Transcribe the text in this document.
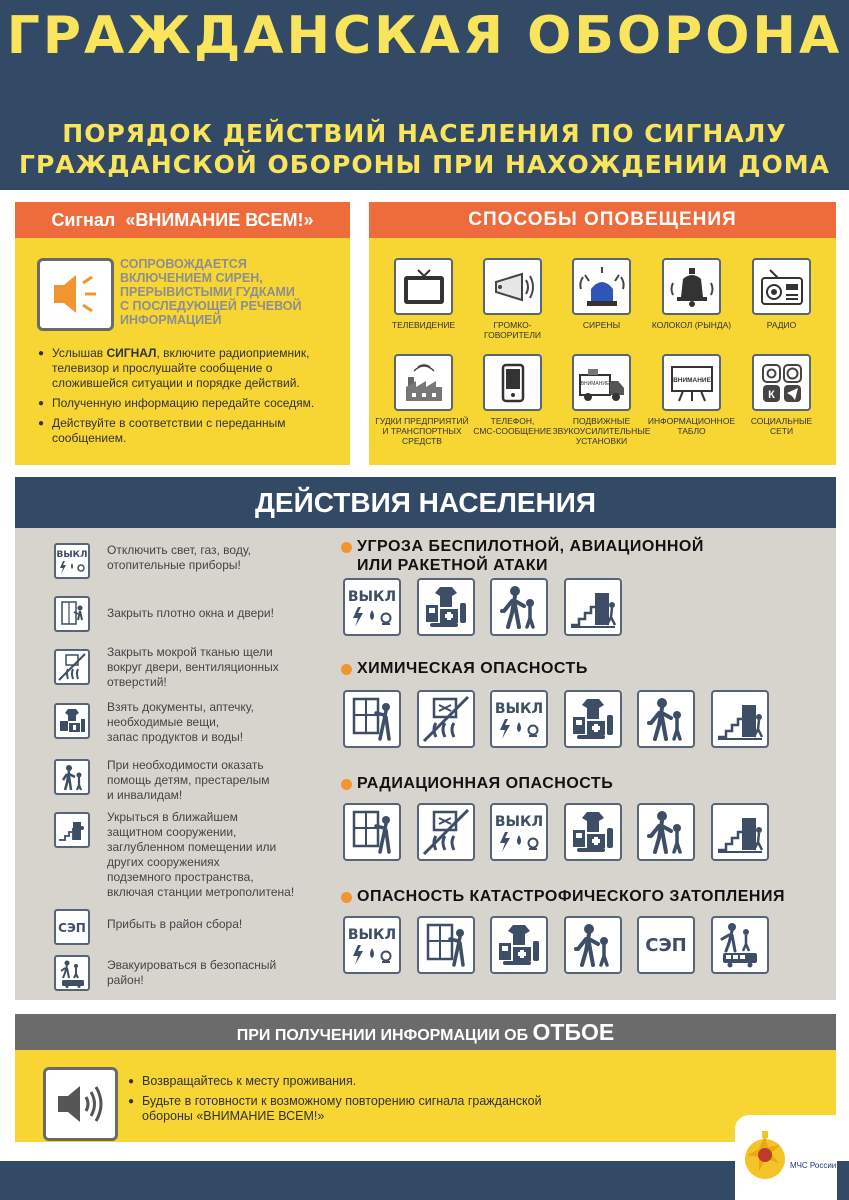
ГРАЖДАНСКАЯ ОБОРОНА
ПОРЯДОК ДЕЙСТВИЙ НАСЕЛЕНИЯ ПО СИГНАЛУ
ГРАЖДАНСКОЙ ОБОРОНЫ ПРИ НАХОЖДЕНИИ ДОМА
Сигнал «ВНИМАНИЕ ВСЕМ!»
СОПРОВОЖДАЕТСЯ
ВКЛЮЧЕНИЕМ СИРЕН,
ПРЕРЫВИСТЫМИ ГУДКАМИ
С ПОСЛЕДУЮЩЕЙ РЕЧЕВОЙ
ИНФОРМАЦИЕЙ
● Услышав СИГНАЛ, включите радиоприемник, телевизор и прослушайте сообщение о сложившейся ситуации и порядке действий.
● Полученную информацию передайте соседям.
● Действуйте в соответствии с переданным сообщением.
СПОСОБЫ ОПОВЕЩЕНИЯ
ТЕЛЕВИДЕНИЕ	ГРОМКО-
ГОВОРИТЕЛИ
СИРЕНЫ	КОЛОКОЛ (РЫНДА)	РАДИО
ВНИМАНИЕ	ВНИМАНИЕ
К
ГУДКИ ПРЕДПРИЯТИЙ
И ТРАНСПОРТНЫХ
СРЕДСТВ
ТЕЛЕФОН,
СМС-СООБЩЕНИЕ
ПОДВИЖНЫЕ
ЗВУКОУСИЛИТЕЛЬНЫЕ
УСТАНОВКИ
ИНФОРМАЦИОННОЕ
ТАБЛО
СОЦИАЛЬНЫЕ
СЕТИ
ДЕЙСТВИЯ НАСЕЛЕНИЯ
ВЫКЛ Отключить свет, газ, воду,
отопительные приборы!
Закрыть плотно окна и двери!
Закрыть мокрой тканью щели
вокруг двери, вентиляционных
отверстий!
Взять документы, аптечку,
необходимые вещи,
запас продуктов и воды!
При необходимости оказать
помощь детям, престарелым
и инвалидам!
Укрыться в ближайшем
защитном сооружении,
заглубленном помещении или
других сооружениях
подземного пространства,
включая станции метрополитена!
СЭП Прибыть в район сбора!
Эвакуироваться в безопасный
район!
УГРОЗА БЕСПИЛОТНОЙ, АВИАЦИОННОЙ
ИЛИ РАКЕТНОЙ АТАКИ
ХИМИЧЕСКАЯ ОПАСНОСТЬ
РАДИАЦИОННАЯ ОПАСНОСТЬ
ОПАСНОСТЬ КАТАСТРОФИЧЕСКОГО ЗАТОПЛЕНИЯ
ВЫКЛ
ВЫКЛ
ВЫКЛ
ВЫКЛ	СЭП
ПРИ ПОЛУЧЕНИИ ИНФОРМАЦИИ ОБ ОТБОЕ
● Возвращайтесь к месту проживания.
● Будьте в готовности к возможному повторению сигнала гражданской обороны «ВНИМАНИЕ ВСЕМ!»
МЧС России
